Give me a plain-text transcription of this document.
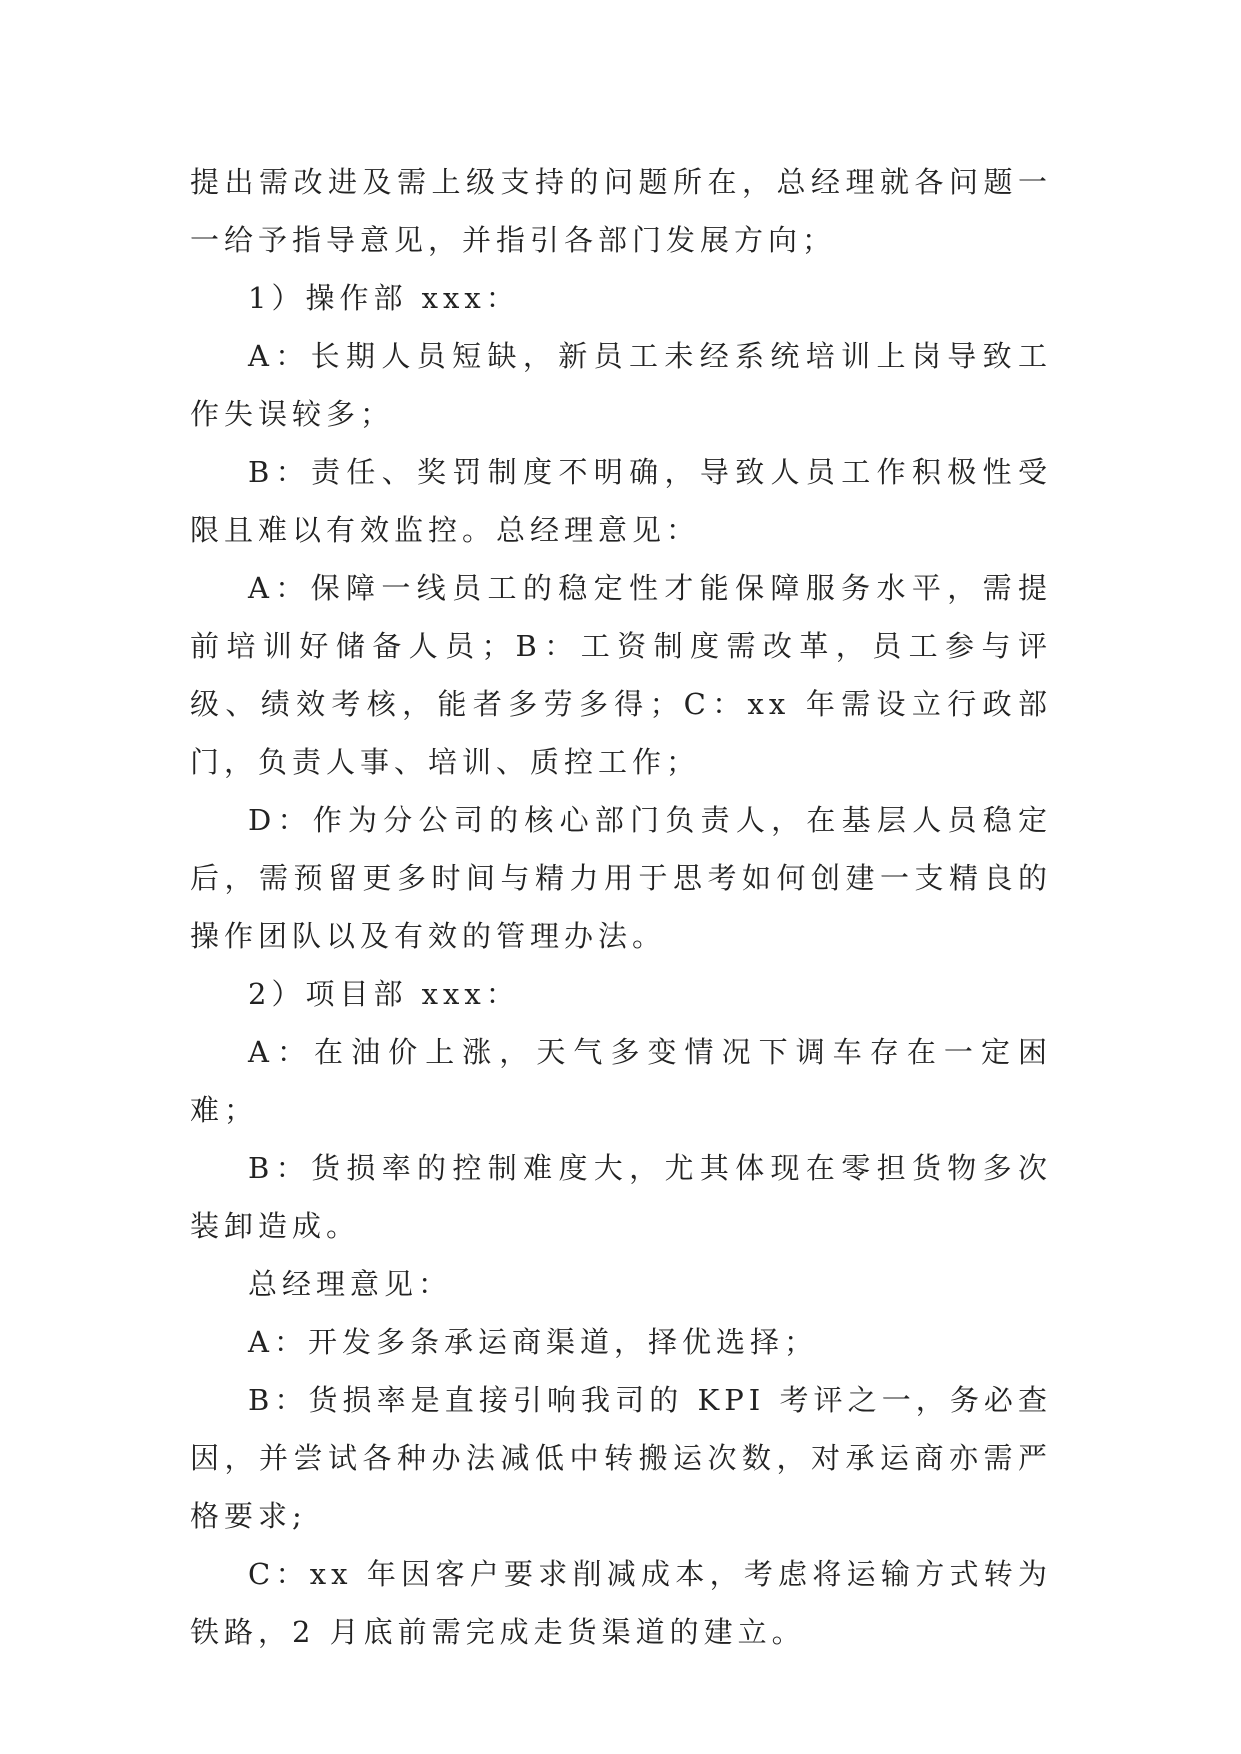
提出需改进及需上级支持的问题所在，总经理就各问题一一给予指导意见，并指引各部门发展方向；

1）操作部 xxx：

A：长期人员短缺，新员工未经系统培训上岗导致工作失误较多；

B：责任、奖罚制度不明确，导致人员工作积极性受限且难以有效监控。总经理意见：

A：保障一线员工的稳定性才能保障服务水平，需提前培训好储备人员；B：工资制度需改革，员工参与评级、绩效考核，能者多劳多得；C：xx 年需设立行政部门，负责人事、培训、质控工作；

D：作为分公司的核心部门负责人，在基层人员稳定后，需预留更多时间与精力用于思考如何创建一支精良的操作团队以及有效的管理办法。

2）项目部 xxx：

A：在油价上涨，天气多变情况下调车存在一定困难；

B：货损率的控制难度大，尤其体现在零担货物多次装卸造成。

总经理意见：

A：开发多条承运商渠道，择优选择；

B：货损率是直接引响我司的 KPI 考评之一，务必查因，并尝试各种办法减低中转搬运次数，对承运商亦需严格要求;

C：xx 年因客户要求削减成本，考虑将运输方式转为铁路，2 月底前需完成走货渠道的建立。
